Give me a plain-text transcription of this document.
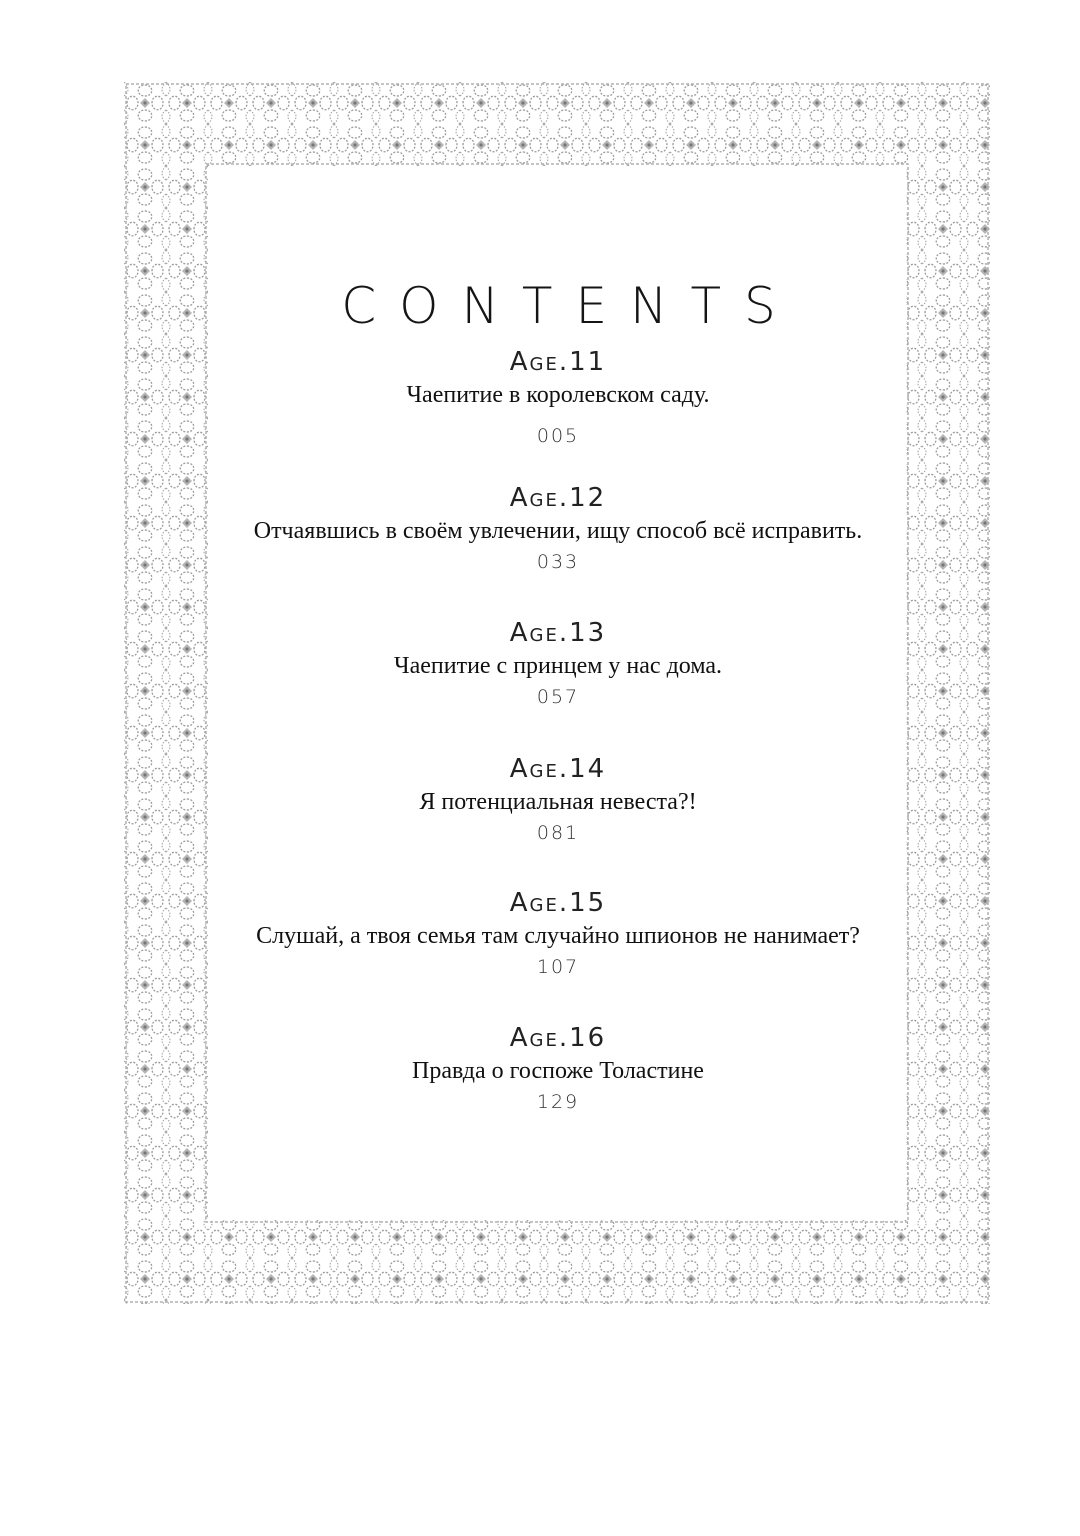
CONTENTS
Age.11
Чаепитие в королевском саду.
005
Age.12
Отчаявшись в своём увлечении, ищу способ всё исправить.
033
Age.13
Чаепитие с принцем у нас дома.
057
Age.14
Я потенциальная невеста?!
081
Age.15
Слушай, а твоя семья там случайно шпионов не нанимает?
107
Age.16
Правда о госпоже Толастине
129
